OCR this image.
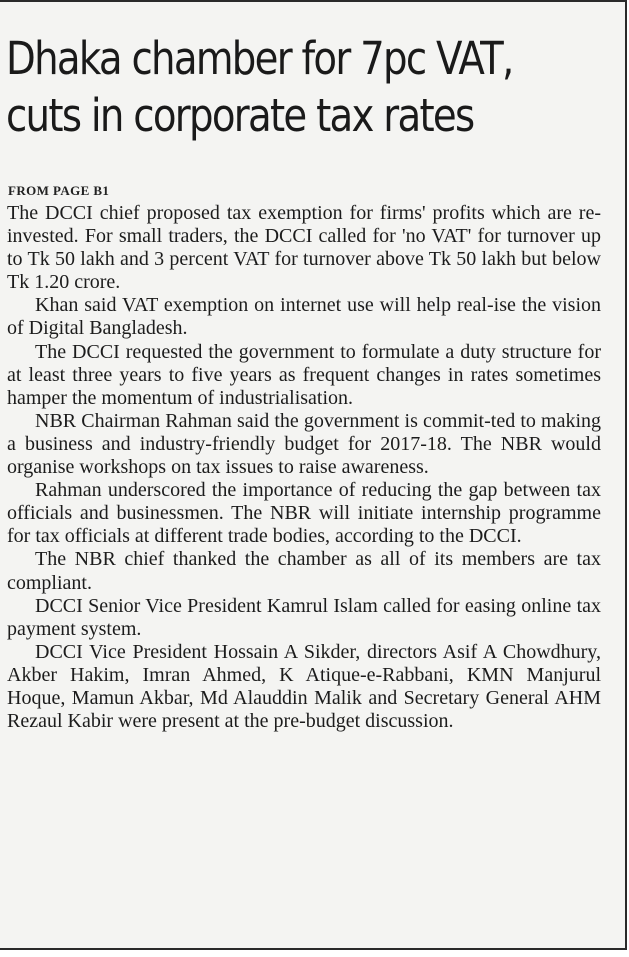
Dhaka chamber for 7pc VAT,
cuts in corporate tax rates
FROM PAGE B1

The DCCI chief proposed tax exemption for firms' profits which are re-invested. For small traders, the DCCI called for 'no VAT' for turnover up to Tk 50 lakh and 3 percent VAT for turnover above Tk 50 lakh but below Tk 1.20 crore.

Khan said VAT exemption on internet use will help real-ise the vision of Digital Bangladesh.

The DCCI requested the government to formulate a duty structure for at least three years to five years as frequent changes in rates sometimes hamper the momentum of industrialisation.

NBR Chairman Rahman said the government is commit-ted to making a business and industry-friendly budget for 2017-18. The NBR would organise workshops on tax issues to raise awareness.

Rahman underscored the importance of reducing the gap between tax officials and businessmen. The NBR will initiate internship programme for tax officials at different trade bodies, according to the DCCI.

The NBR chief thanked the chamber as all of its members are tax compliant.

DCCI Senior Vice President Kamrul Islam called for easing online tax payment system.

DCCI Vice President Hossain A Sikder, directors Asif A Chowdhury, Akber Hakim, Imran Ahmed, K Atique-e-Rabbani, KMN Manjurul Hoque, Mamun Akbar, Md Alauddin Malik and Secretary General AHM Rezaul Kabir were present at the pre-budget discussion.
